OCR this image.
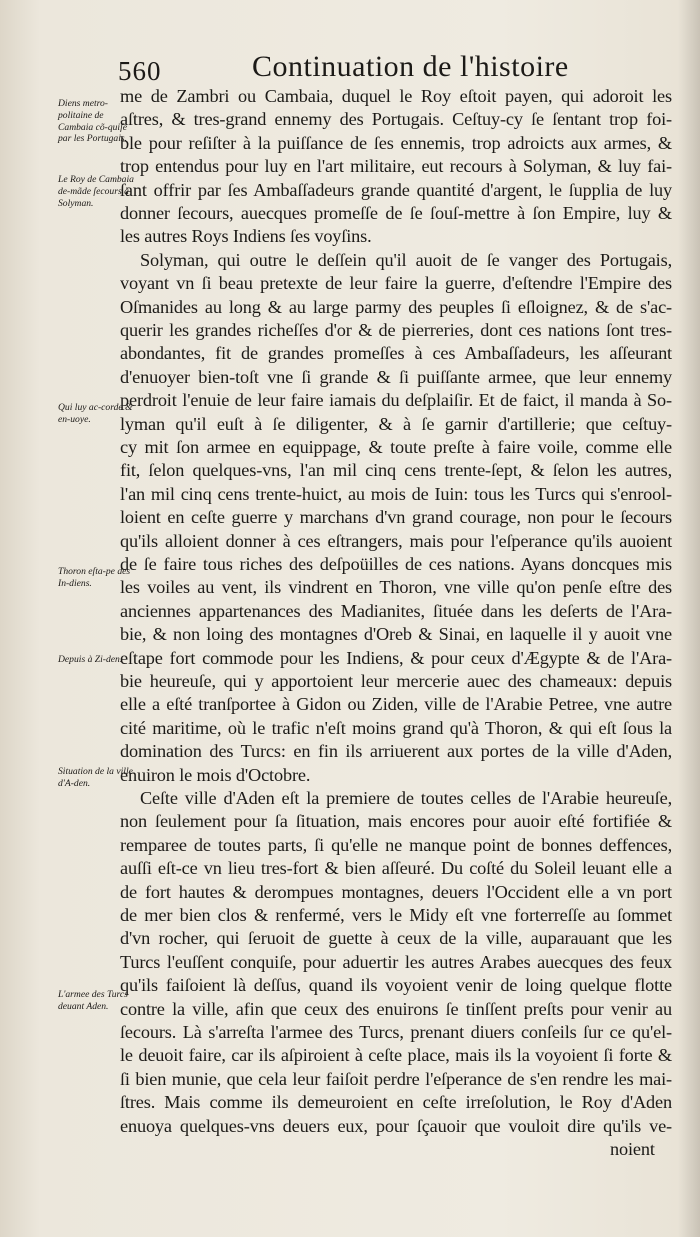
560	Continuation de l'histoire
Diens metro-politaine de Cambaia cõ-quiſe par les Portugais.
Le Roy de Cambaia de-mãde ſecours à Solyman.
Qui luy ac-corde & en-uoye.
Thoron eſta-pe des In-diens.
Depuis à Zi-den.
Situation de la ville d'A-den.
L'armee des Turcs deuant Aden.
me de Zambri ou Cambaia, duquel le Roy eſtoit payen, qui adoroit les
aſtres, & tres-grand ennemy des Portugais. Ceſtuy-cy ſe ſentant trop foi-
ble pour reſiſter à la puiſſance de ſes ennemis, trop adroicts aux armes, &
trop entendus pour luy en l'art militaire, eut recours à Solyman, & luy fai-
ſant offrir par ſes Ambaſſadeurs grande quantité d'argent, le ſupplia de luy
donner ſecours, auecques promeſſe de ſe ſouſ-mettre à ſon Empire, luy &
les autres Roys Indiens ſes voyſins.
Solyman, qui outre le deſſein qu'il auoit de ſe vanger des Portugais,
voyant vn ſi beau pretexte de leur faire la guerre, d'eſtendre l'Empire des
Oſmanides au long & au large parmy des peuples ſi eſloignez, & de s'ac-
querir les grandes richeſſes d'or & de pierreries, dont ces nations ſont tres-
abondantes, fit de grandes promeſſes à ces Ambaſſadeurs, les aſſeurant
d'enuoyer bien-toſt vne ſi grande & ſi puiſſante armee, que leur ennemy
perdroit l'enuie de leur faire iamais du deſplaiſir. Et de faict, il manda à So-
lyman qu'il euſt à ſe diligenter, & à ſe garnir d'artillerie; que ceſtuy-
cy mit ſon armee en equippage, & toute preſte à faire voile, comme elle
fit, ſelon quelques-vns, l'an mil cinq cens trente-ſept, & ſelon les autres,
l'an mil cinq cens trente-huict, au mois de Iuin: tous les Turcs qui s'enrool-
loient en ceſte guerre y marchans d'vn grand courage, non pour le ſecours
qu'ils alloient donner à ces eſtrangers, mais pour l'eſperance qu'ils auoient
de ſe faire tous riches des deſpoüilles de ces nations. Ayans doncques mis
les voiles au vent, ils vindrent en Thoron, vne ville qu'on penſe eſtre des
anciennes appartenances des Madianites, ſituée dans les deſerts de l'Ara-
bie, & non loing des montagnes d'Oreb & Sinai, en laquelle il y auoit vne
eſtape fort commode pour les Indiens, & pour ceux d'Ægypte & de l'Ara-
bie heureuſe, qui y apportoient leur mercerie auec des chameaux: depuis
elle a eſté tranſportee à Gidon ou Ziden, ville de l'Arabie Petree, vne autre
cité maritime, où le trafic n'eſt moins grand qu'à Thoron, & qui eſt ſous la
domination des Turcs: en fin ils arriuerent aux portes de la ville d'Aden,
enuiron le mois d'Octobre.
Ceſte ville d'Aden eſt la premiere de toutes celles de l'Arabie heureuſe,
non ſeulement pour ſa ſituation, mais encores pour auoir eſté fortifiée &
remparee de toutes parts, ſi qu'elle ne manque point de bonnes deffences,
auſſi eſt-ce vn lieu tres-fort & bien aſſeuré. Du coſté du Soleil leuant elle a
de fort hautes & derompues montagnes, deuers l'Occident elle a vn port
de mer bien clos & renfermé, vers le Midy eſt vne forterreſſe au ſommet
d'vn rocher, qui ſeruoit de guette à ceux de la ville, auparauant que les
Turcs l'euſſent conquiſe, pour aduertir les autres Arabes auecques des feux
qu'ils faiſoient là deſſus, quand ils voyoient venir de loing quelque flotte
contre la ville, afin que ceux des enuirons ſe tinſſent preſts pour venir au
ſecours. Là s'arreſta l'armee des Turcs, prenant diuers conſeils ſur ce qu'el-
le deuoit faire, car ils aſpiroient à ceſte place, mais ils la voyoient ſi forte &
ſi bien munie, que cela leur faiſoit perdre l'eſperance de s'en rendre les mai-
ſtres. Mais comme ils demeuroient en ceſte irreſolution, le Roy d'Aden
enuoya quelques-vns deuers eux, pour ſçauoir que vouloit dire qu'ils ve-
noient
